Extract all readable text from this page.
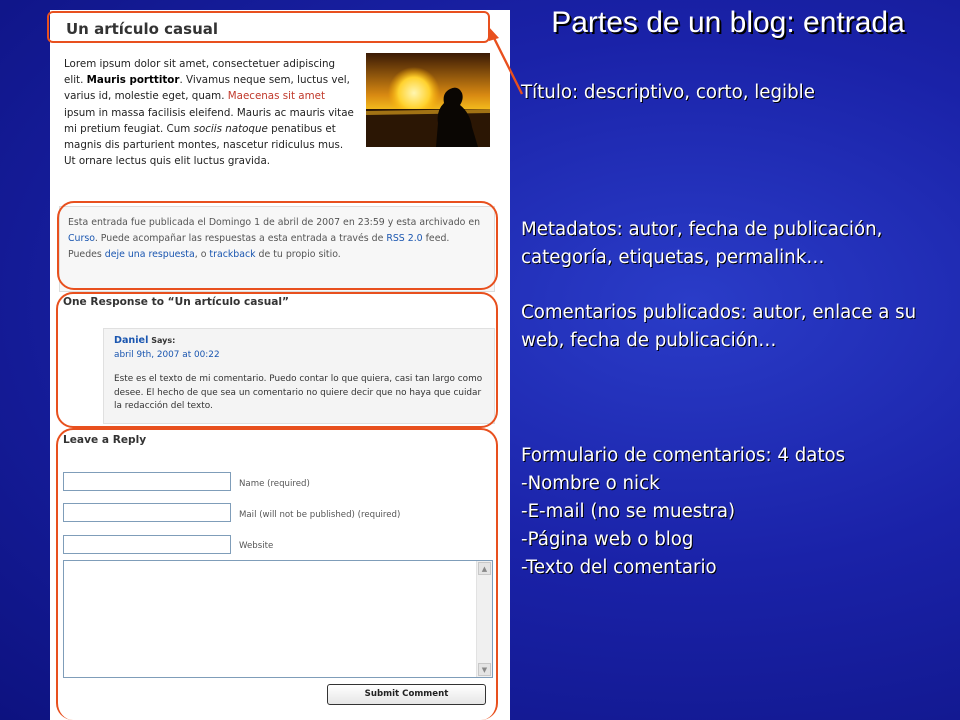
Un artículo casual
Lorem ipsum dolor sit amet, consectetuer adipiscing elit. Mauris porttitor. Vivamus neque sem, luctus vel, varius id, molestie eget, quam. Maecenas sit amet ipsum in massa facilisis eleifend. Mauris ac mauris vitae mi pretium feugiat. Cum sociis natoque penatibus et magnis dis parturient montes, nascetur ridiculus mus. Ut ornare lectus quis elit luctus gravida.
Esta entrada fue publicada el Domingo 1 de abril de 2007 en 23:59 y esta archivado en Curso. Puede acompañar las respuestas a esta entrada a través de RSS 2.0 feed. Puedes deje una respuesta, o trackback de tu propio sitio.
One Response to “Un artículo casual”
Daniel Says:
abril 9th, 2007 at 00:22
Este es el texto de mi comentario. Puedo contar lo que quiera, casi tan largo como desee. El hecho de que sea un comentario no quiere decir que no haya que cuidar la redacción del texto.
Leave a Reply
Name (required)
Mail (will not be published) (required)
Website
▲
▼
Submit Comment
Partes de un blog: entrada
Título: descriptivo, corto, legible
Metadatos: autor, fecha de publicación, categoría, etiquetas, permalink…
Comentarios publicados: autor, enlace a su web, fecha de publicación…
Formulario de comentarios: 4 datos
-Nombre o nick
-E-mail (no se muestra)
-Página web o blog
-Texto del comentario
